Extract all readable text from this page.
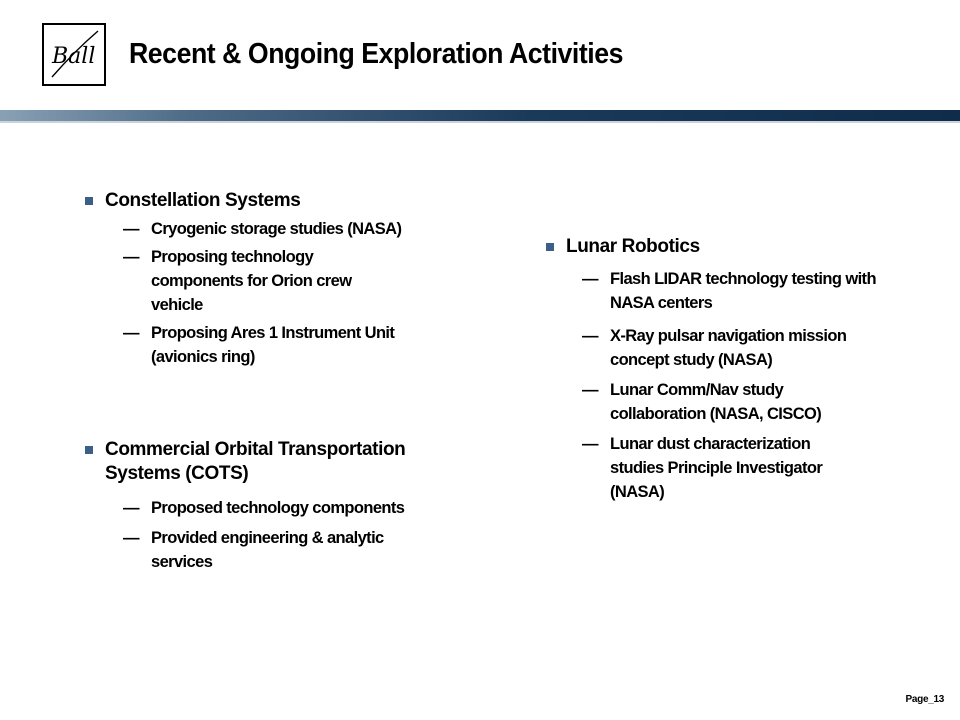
Ball Recent & Ongoing Exploration Activities
Constellation Systems
— Cryogenic storage studies (NASA)
— Proposing technology components for Orion crew vehicle
— Proposing Ares 1 Instrument Unit (avionics ring)
Commercial Orbital Transportation Systems (COTS)
— Proposed technology components
— Provided engineering & analytic services
Lunar Robotics
— Flash LIDAR technology testing with NASA centers
— X-Ray pulsar navigation mission concept study (NASA)
— Lunar Comm/Nav study collaboration (NASA, CISCO)
— Lunar dust characterization studies Principle Investigator (NASA)
Page_13
